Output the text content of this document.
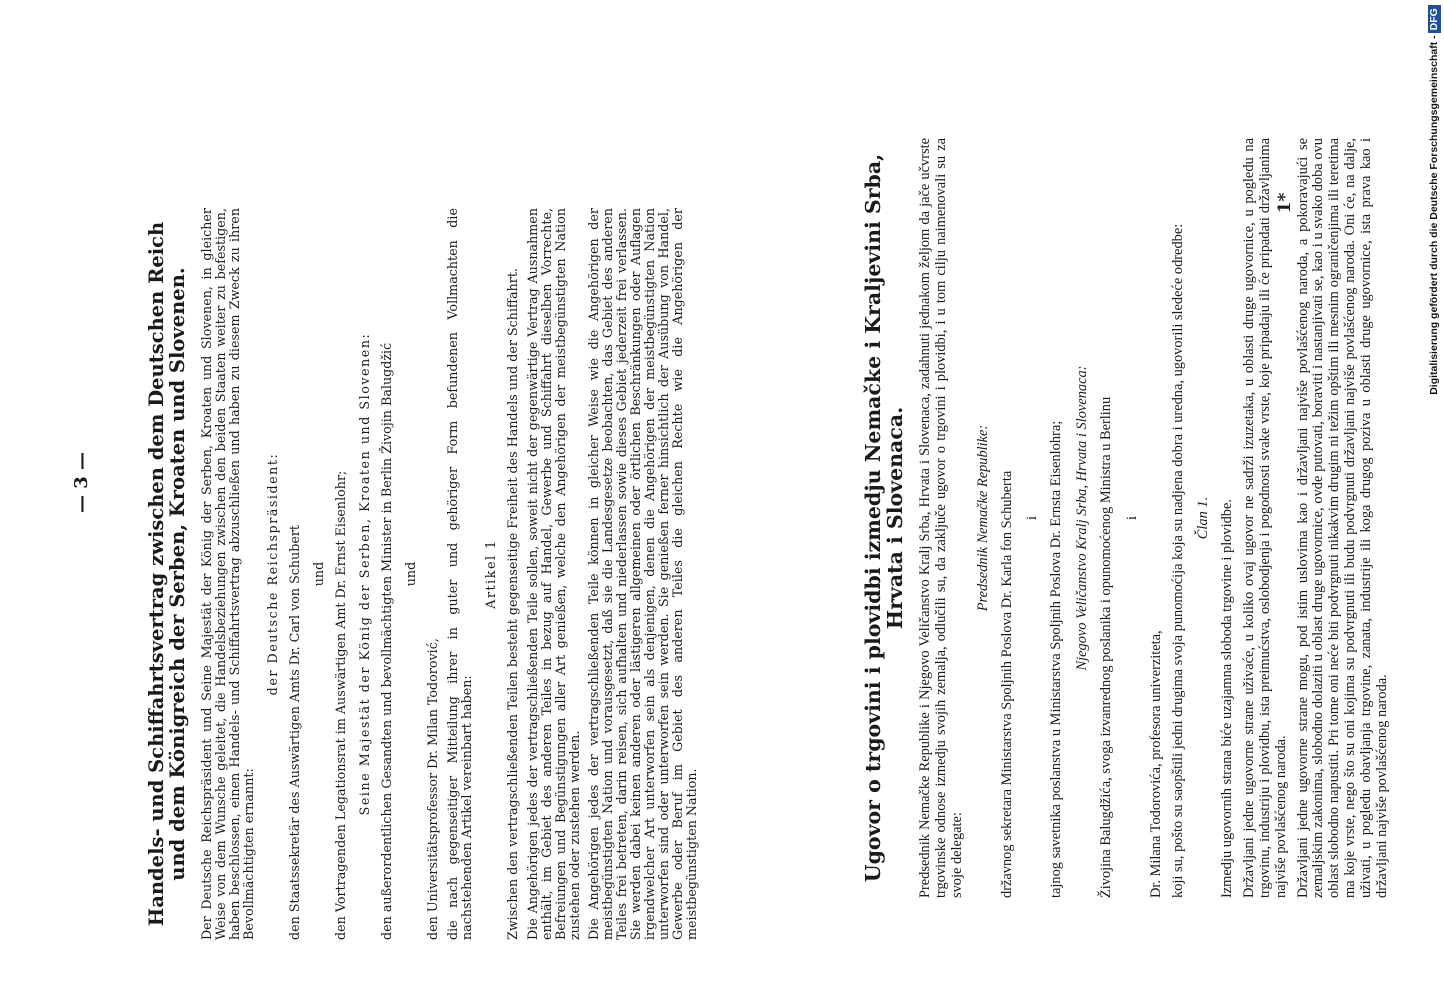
— 3 —	Handels- und Schiffahrtsvertrag zwischen dem Deutschen Reich und dem Königreich der Serben, Kroaten und Slovenen. Der Deutsche Reichspräsident und Seine Majestät der König der Serben, Kroaten und Slovenen, in gleicher Weise von dem Wunsche geleitet, die Handelsbeziehungen zwischen den beiden Staaten weiter zu befestigen, haben beschlossen, einen Handels- und Schiffahrtsvertrag abzuschließen und haben zu diesem Zweck zu ihren Bevollmächtigten ernannt:

der Deutsche Reichspräsident: den Staatssekretär des Auswärtigen Amts Dr. Carl von Schubert und den Vortragenden Legationsrat im Auswärtigen Amt Dr. Ernst Eisenlohr; Seine Majestät der König der Serben, Kroaten und Slovenen: den außerordentlichen Gesandten und bevollmächtigten Minister in Berlin Živojin Balugdžić und

den Universitätsprofessor Dr. Milan Todorović, die nach gegenseitiger Mitteilung ihrer in guter und gehöriger Form befundenen Vollmachten die nachstehenden Artikel vereinbart haben:

Artikel 1 Zwischen den vertragschließenden Teilen besteht gegenseitige Freiheit des Handels und der Schiffahrt. Die Angehörigen jedes der vertragschließenden Teile sollen, soweit nicht der gegenwärtige Vertrag Ausnahmen enthält, im Gebiet des anderen Teiles in bezug auf Handel, Gewerbe und Schiffahrt dieselben Vorrechte, Befreiungen und Begünstigungen aller Art genießen, welche den Angehörigen der meistbegünstigten Nation zustehen oder zustehen werden. Die Angehörigen jedes der vertragschließenden Teile können in gleicher Weise wie die Angehörigen der meistbegünstigten Nation und vorausgesetzt, daß sie die Landesgesetze beobachten, das Gebiet des anderen Teiles frei betreten, darin reisen, sich aufhalten und niederlassen sowie dieses Gebiet jederzeit frei verlassen. Sie werden dabei keinen anderen oder lästigeren allgemeinen oder örtlichen Beschränkungen oder Auflagen irgendwelcher Art unterworfen sein als denjenigen, denen die Angehörigen der meistbegünstigten Nation unterworfen sind oder unterworfen sein werden. Sie genießen ferner hinsichtlich der Ausübung von Handel, Gewerbe oder Beruf im Gebiet des anderen Teiles die gleichen Rechte wie die Angehörigen der meistbegünstigten Nation.	Ugovor o trgovini i plovidbi izmedju Nemačke i Kraljevini Srba, Hrvata i Slovenaca. Predsednik Nemačke Republike i Njegovo Veličanstvo Kralj Srba, Hrvata i Slovenaca, zadahnuti jednakom željom da jače učvrste trgovinske odnose izmedju svojih zemalja, odlučili su, da zaključe ugovor o trgovini i plovidbi, i u tom cilju naimenovali su za svoje delegate:

Predsednik Nemačke Republike: državnog sekretara Ministarstva Spoljnih Poslova Dr. Karla fon Schuberta i tajnog savetnika poslanstva u Ministarstva Spoljnih Poslova Dr. Ernsta Eisenlohra; Njegovo Veličanstvo Kralj Srba, Hrvata i Slovenaca: Živojina Balugdžića, svoga izvanrednog poslanika i opunomoćenog Ministra u Berlinu i

Dr. Milana Todorovića, profesora univerziteta, koji su, pošto su saopštili jedni drugima svoja punomoćija koja su nadjena dobra i uredna, ugovorili sledeće odredbe: Član 1. Izmedju ugovornih strana biće uzajamna sloboda trgovine i plovidbe. Državljani jedne ugovorne strane uživaće, u koliko ovaj ugovor ne sadrži izuzetaka, u oblasti druge ugovornice, u pogledu na trgovinu, industriju i plovidbu, ista preimućstva, oslobodjenja i pogodnosti svake vrste, koje pripadaju ili će pripadati državljanima najviše povlašćenog naroda. Državljani jedne ugovorne strane mogu, pod istim uslovima kao i državljani najviše povlašćenog naroda, a pokoravajući se zemaljskim zakonima, slobodno dolaziti u oblast druge ugovornice, ovde putovati, boraviti i nastanjivati se, kao i u svako doba ovu oblast slobodno napustiti. Pri tome oni neće biti podvrgnuti nikakvim drugim ni težim opštim ili mesnim ograničenjima ili teretima ma koje vrste, nego što su oni kojima su podvrgnuti ili budu podvrgnuti državljani najviše povlašćenog naroda. Oni će, na dalje, uživati, u pogledu obavljanja trgovine, zanata, industrije ili koga drugog poziva u oblasti druge ugovornice, ista prava kao i državljani najviše povlašćenog naroda.

1*	Digitalisierung gefördert durch die Deutsche Forschungsgemeinschaft -DFG
